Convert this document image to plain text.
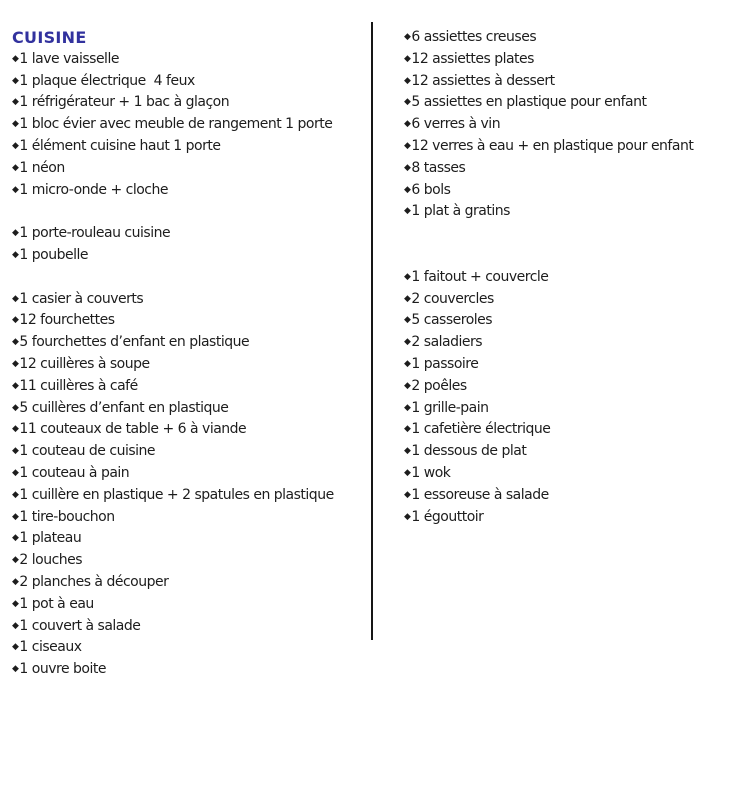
CUISINE
◆1 lave vaisselle
◆1 plaque électrique  4 feux
◆1 réfrigérateur + 1 bac à glaçon
◆1 bloc évier avec meuble de rangement 1 porte
◆1 élément cuisine haut 1 porte
◆1 néon
◆1 micro-onde + cloche
◆1 porte-rouleau cuisine
◆1 poubelle
◆1 casier à couverts
◆12 fourchettes
◆5 fourchettes d’enfant en plastique
◆12 cuillères à soupe
◆11 cuillères à café
◆5 cuillères d’enfant en plastique
◆11 couteaux de table + 6 à viande
◆1 couteau de cuisine
◆1 couteau à pain
◆1 cuillère en plastique + 2 spatules en plastique
◆1 tire-bouchon
◆1 plateau
◆2 louches
◆2 planches à découper
◆1 pot à eau
◆1 couvert à salade
◆1 ciseaux
◆1 ouvre boite
◆6 assiettes creuses
◆12 assiettes plates
◆12 assiettes à dessert
◆5 assiettes en plastique pour enfant
◆6 verres à vin
◆12 verres à eau + en plastique pour enfant
◆8 tasses
◆6 bols
◆1 plat à gratins
◆1 faitout + couvercle
◆2 couvercles
◆5 casseroles
◆2 saladiers
◆1 passoire
◆2 poêles
◆1 grille-pain
◆1 cafetière électrique
◆1 dessous de plat
◆1 wok
◆1 essoreuse à salade
◆1 égouttoir
